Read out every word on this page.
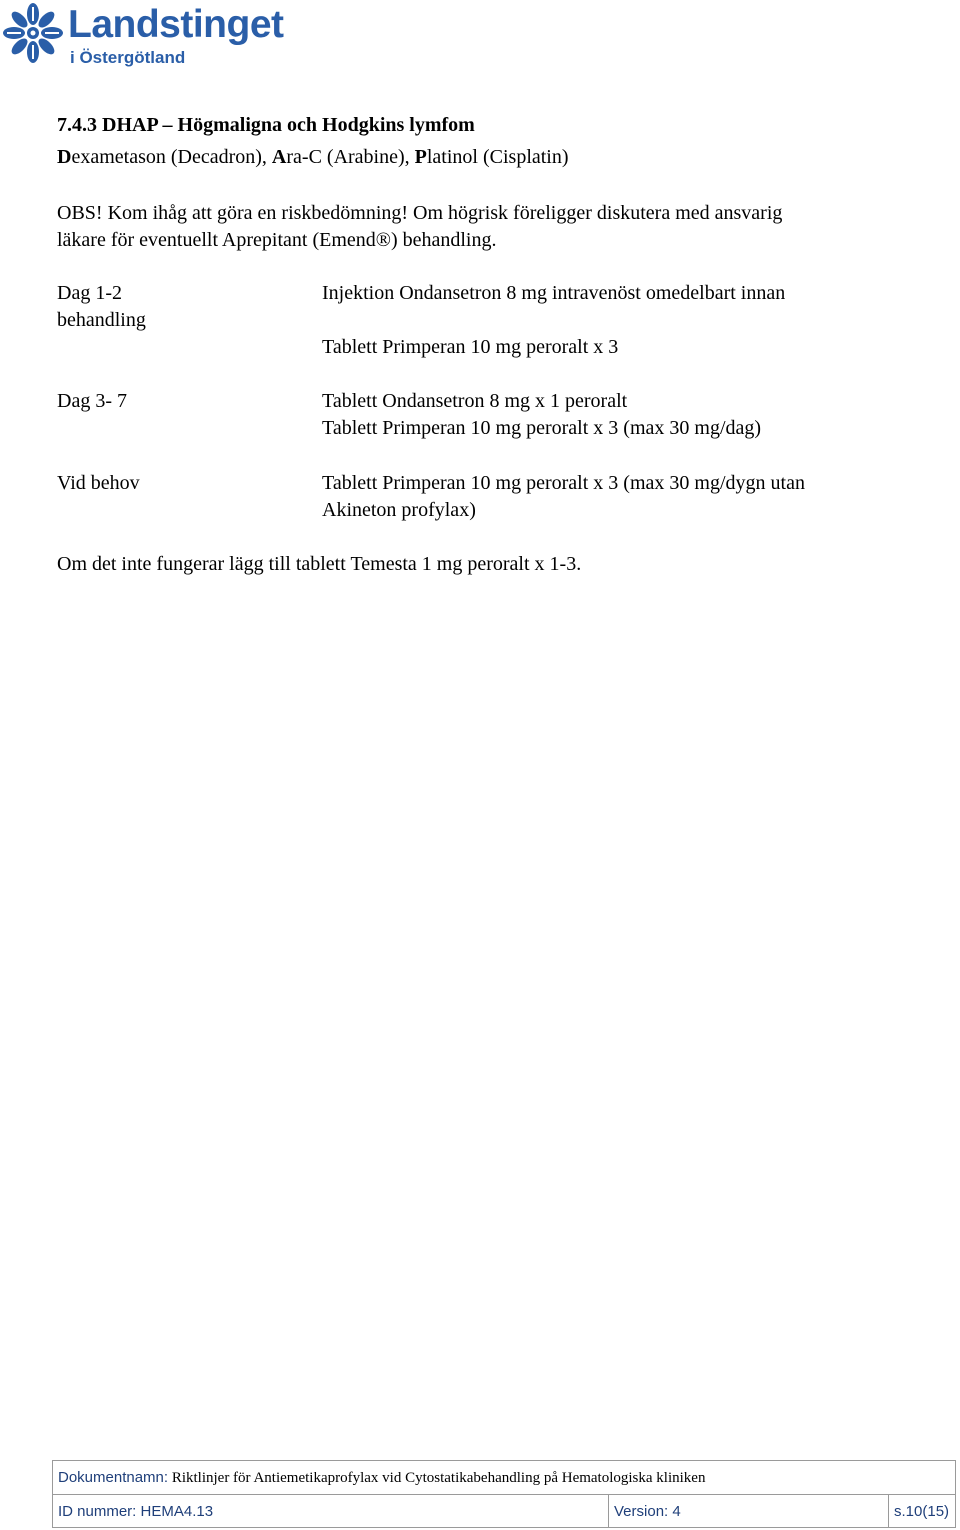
Landstinget
i Östergötland
7.4.3 DHAP – Högmaligna och Hodgkins lymfom
Dexametason (Decadron), Ara-C (Arabine), Platinol (Cisplatin)
OBS! Kom ihåg att göra en riskbedömning! Om högrisk föreligger diskutera med ansvarig
läkare för eventuellt Aprepitant (Emend®) behandling.
Dag 1-2
behandling
Dag 3- 7
Vid behov
Injektion Ondansetron 8 mg intravenöst omedelbart innan
Tablett Primperan 10 mg peroralt x 3
Tablett Ondansetron 8 mg x 1 peroralt
Tablett Primperan 10 mg peroralt x 3 (max 30 mg/dag)
Tablett Primperan 10 mg peroralt x 3 (max 30 mg/dygn utan
Akineton profylax)
Om det inte fungerar lägg till tablett Temesta 1 mg peroralt x 1-3.
Dokumentnamn: Riktlinjer för Antiemetikaprofylax vid Cytostatikabehandling på Hematologiska kliniken
ID nummer: HEMA4.13	Version: 4	s.10(15)
